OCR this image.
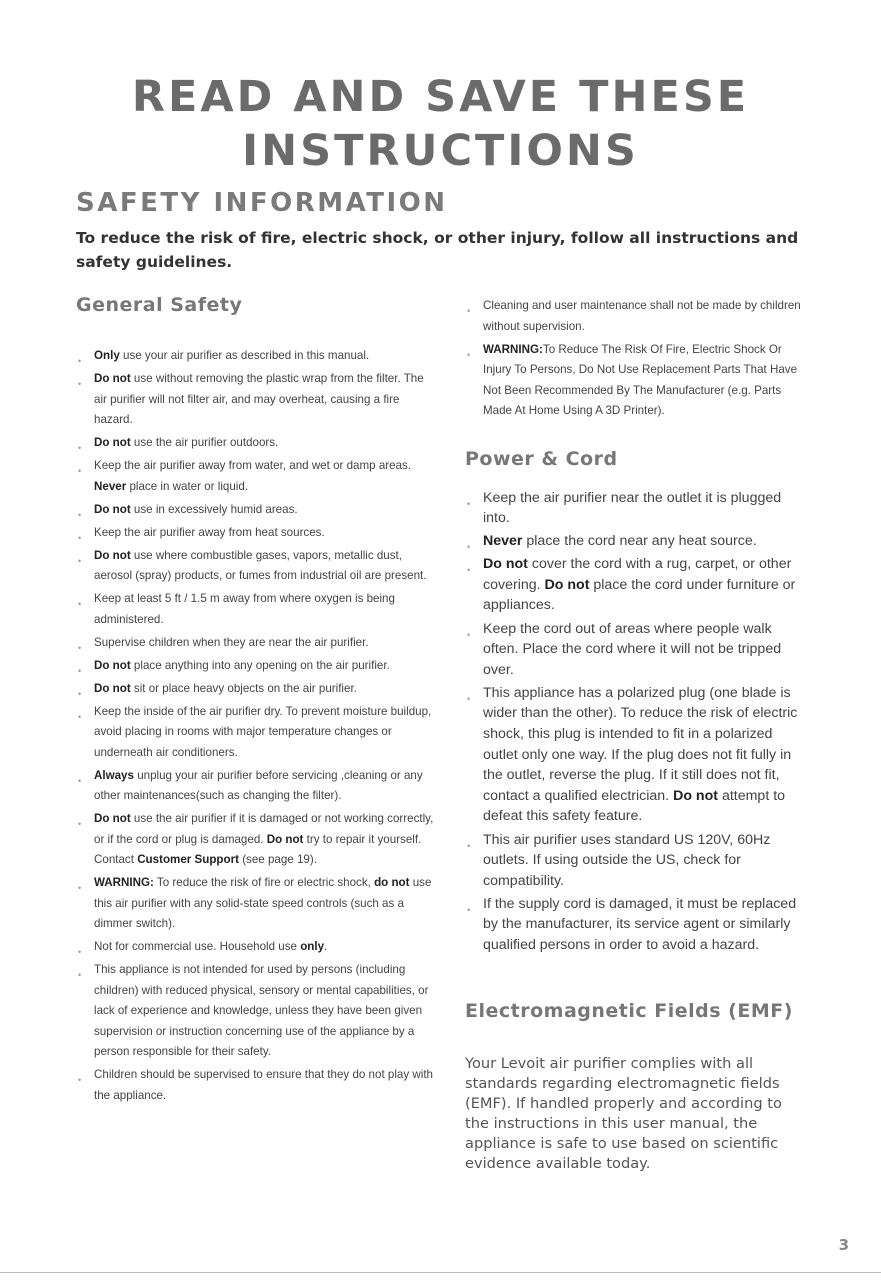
READ AND SAVE THESE
INSTRUCTIONS
SAFETY INFORMATION

To reduce the risk of fire, electric shock, or other injury, follow all instructions and safety guidelines.

General Safety
• Only use your air purifier as described in this manual.
• Do not use without removing the plastic wrap from the filter. The air purifier will not filter air, and may overheat, causing a fire hazard.
• Do not use the air purifier outdoors.
• Keep the air purifier away from water, and wet or damp areas. Never place in water or liquid.
• Do not use in excessively humid areas.
• Keep the air purifier away from heat sources.
• Do not use where combustible gases, vapors, metallic dust, aerosol (spray) products, or fumes from industrial oil are present.
• Keep at least 5 ft / 1.5 m away from where oxygen is being administered.
• Supervise children when they are near the air purifier.
• Do not place anything into any opening on the air purifier.
• Do not sit or place heavy objects on the air purifier.
• Keep the inside of the air purifier dry. To prevent moisture buildup, avoid placing in rooms with major temperature changes or underneath air conditioners.
• Always unplug your air purifier before servicing ,cleaning or any other maintenances(such as changing the filter).
• Do not use the air purifier if it is damaged or not working correctly, or if the cord or plug is damaged. Do not try to repair it yourself. Contact Customer Support (see page 19).
• WARNING: To reduce the risk of fire or electric shock, do not use this air purifier with any solid-state speed controls (such as a dimmer switch).
• Not for commercial use. Household use only.
• This appliance is not intended for used by persons (including children) with reduced physical, sensory or mental capabilities, or lack of experience and knowledge, unless they have been given supervision or instruction concerning use of the appliance by a person responsible for their safety.
• Children should be supervised to ensure that they do not play with the appliance.
• Cleaning and user maintenance shall not be made by children without supervision.
• WARNING:To Reduce The Risk Of Fire, Electric Shock Or Injury To Persons, Do Not Use Replacement Parts That Have Not Been Recommended By The Manufacturer (e.g. Parts Made At Home Using A 3D Printer).
Power & Cord
• Keep the air purifier near the outlet it is plugged into.
• Never place the cord near any heat source.
• Do not cover the cord with a rug, carpet, or other covering. Do not place the cord under furniture or appliances.
• Keep the cord out of areas where people walk often. Place the cord where it will not be tripped over.
• This appliance has a polarized plug (one blade is wider than the other). To reduce the risk of electric shock, this plug is intended to fit in a polarized outlet only one way. If the plug does not fit fully in the outlet, reverse the plug. If it still does not fit, contact a qualified electrician. Do not attempt to defeat this safety feature.
• This air purifier uses standard US 120V, 60Hz outlets. If using outside the US, check for compatibility.
• If the supply cord is damaged, it must be replaced by the manufacturer, its service agent or similarly qualified persons in order to avoid a hazard.
Electromagnetic Fields (EMF)

Your Levoit air purifier complies with all standards regarding electromagnetic fields (EMF). If handled properly and according to the instructions in this user manual, the appliance is safe to use based on scientific evidence available today.

3
